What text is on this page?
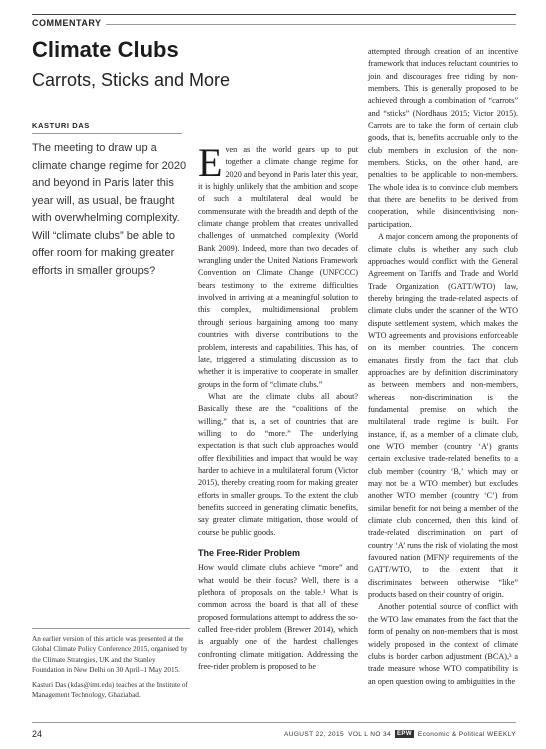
COMMENTARY
Climate Clubs
Carrots, Sticks and More
KASTURI DAS
The meeting to draw up a climate change regime for 2020 and beyond in Paris later this year will, as usual, be fraught with overwhelming complexity. Will “climate clubs” be able to offer room for making greater efforts in smaller groups?

Even as the world gears up to put together a climate change regime for 2020 and beyond in Paris later this year, it is highly unlikely that the ambition and scope of such a multilateral deal would be commensurate with the breadth and depth of the climate change problem that creates unrivalled challenges of unmatched complexity (World Bank 2009). Indeed, more than two decades of wrangling under the United Nations Framework Convention on Climate Change (UNFCCC) bears testimony to the extreme difficulties involved in arriving at a meaningful solution to this complex, multidimensional problem through serious bargaining among too many countries with diverse contributions to the problem, interests and capabilities. This has, of late, triggered a stimulating discussion as to whether it is imperative to cooperate in smaller groups in the form of “climate clubs.”

What are the climate clubs all about? Basically these are the “coalitions of the willing,” that is, a set of countries that are willing to do “more.” The underlying expectation is that such club approaches would offer flexibilities and impact that would be way harder to achieve in a multilateral forum (Victor 2015), thereby creating room for making greater efforts in smaller groups. To the extent the club benefits succeed in generating climatic benefits, say greater climate mitigation, those would of course be public goods.

The Free-Rider Problem

How would climate clubs achieve “more” and what would be their focus? Well, there is a plethora of proposals on the table.¹ What is common across the board is that all of these proposed formulations attempt to address the so-called free-rider problem (Brewer 2014), which is arguably one of the hardest challenges confronting climate mitigation. Addressing the free-rider problem is proposed to be

attempted through creation of an incentive framework that induces reluctant countries to join and discourages free riding by non-members. This is generally proposed to be achieved through a combination of “carrots” and “sticks” (Nordhaus 2015; Victor 2015). Carrots are to take the form of certain club goods, that is, benefits accruable only to the club members in exclusion of the non-members. Sticks, on the other hand, are penalties to be applicable to non-members. The whole idea is to convince club members that there are benefits to be derived from cooperation, while disincentivising non-participation.

A major concern among the proponents of climate clubs is whether any such club approaches would conflict with the General Agreement on Tariffs and Trade and World Trade Organization (GATT/WTO) law, thereby bringing the trade-related aspects of climate clubs under the scanner of the WTO dispute settlement system, which makes the WTO agreements and provisions enforceable on its member countries. The concern emanates firstly from the fact that club approaches are by definition discriminatory as between members and non-members, whereas non-discrimination is the fundamental premise on which the multilateral trade regime is built. For instance, if, as a member of a climate club, one WTO member (country ‘A’) grants certain exclusive trade-related benefits to a club member (country ‘B,’ which may or may not be a WTO member) but excludes another WTO member (country ‘C’) from similar benefit for not being a member of the climate club concerned, then this kind of trade-related discrimination on part of country ‘A’ runs the risk of violating the most favoured nation (MFN)² requirements of the GATT/WTO, to the extent that it discriminates between otherwise “like” products based on their country of origin.

Another potential source of conflict with the WTO law emanates from the fact that the form of penalty on non-members that is most widely proposed in the context of climate clubs is border carbon adjustment (BCA),³ a trade measure whose WTO compatibility is an open question owing to ambiguities in the

An earlier version of this article was presented at the Global Climate Policy Conference 2015, organised by the Climate Strategies, UK and the Stanley Foundation in New Delhi on 30 April–1 May 2015.

Kasturi Das (kdas@imt.edu) teaches at the Institute of Management Technology, Ghaziabad.

24	AUGUST 22, 2015 VOL L NO 34	EPW Economic & Political WEEKLY
